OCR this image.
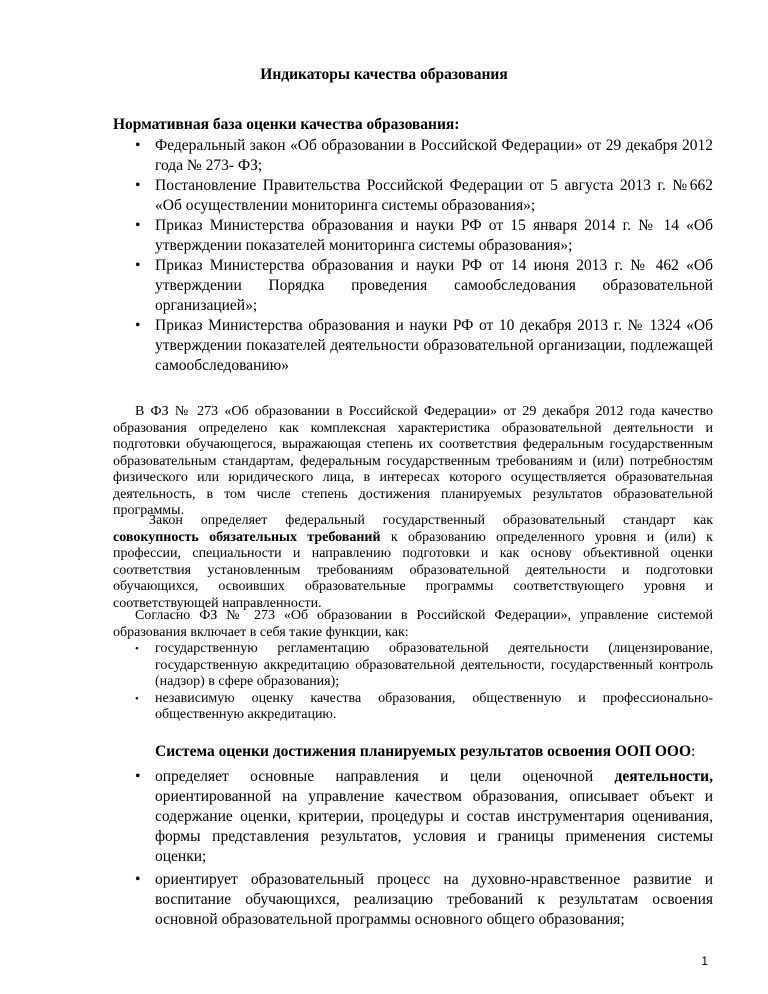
Индикаторы качества образования
Нормативная база оценки качества образования:
• Федеральный закон «Об образовании в Российской Федерации» от 29 декабря 2012 года № 273- ФЗ;
• Постановление Правительства Российской Федерации от 5 августа 2013 г. №662 «Об осуществлении мониторинга системы образования»;
• Приказ Министерства образования и науки РФ от 15 января 2014 г. № 14 «Об утверждении показателей мониторинга системы образования»;
• Приказ Министерства образования и науки РФ от 14 июня 2013 г. № 462 «Об утверждении Порядка проведения самообследования образовательной организацией»;
• Приказ Министерства образования и науки РФ от 10 декабря 2013 г. № 1324 «Об утверждении показателей деятельности образовательной организации, подлежащей самообследованию»
В ФЗ № 273 «Об образовании в Российской Федерации» от 29 декабря 2012 года качество образования определено как комплексная характеристика образовательной деятельности и подготовки обучающегося, выражающая степень их соответствия федеральным государственным образовательным стандартам, федеральным государственным требованиям и (или) потребностям физического или юридического лица, в интересах которого осуществляется образовательная деятельность, в том числе степень достижения планируемых результатов образовательной программы.
Закон определяет федеральный государственный образовательный стандарт как совокупность обязательных требований к образованию определенного уровня и (или) к профессии, специальности и направлению подготовки и как основу объективной оценки соответствия установленным требованиям образовательной деятельности и подготовки обучающихся, освоивших образовательные программы соответствующего уровня и соответствующей направленности.
Согласно ФЗ № 273 «Об образовании в Российской Федерации», управление системой образования включает в себя такие функции, как:
• государственную регламентацию образовательной деятельности (лицензирование, государственную аккредитацию образовательной деятельности, государственный контроль (надзор) в сфере образования);
• независимую оценку качества образования, общественную и профессионально-общественную аккредитацию.
Система оценки достижения планируемых результатов освоения ООП ООО:
• определяет основные направления и цели оценочной деятельности, ориентированной на управление качеством образования, описывает объект и содержание оценки, критерии, процедуры и состав инструментария оценивания, формы представления результатов, условия и границы применения системы оценки;
• ориентирует образовательный процесс на духовно-нравственное развитие и воспитание обучающихся, реализацию требований к результатам освоения основной образовательной программы основного общего образования;
1
